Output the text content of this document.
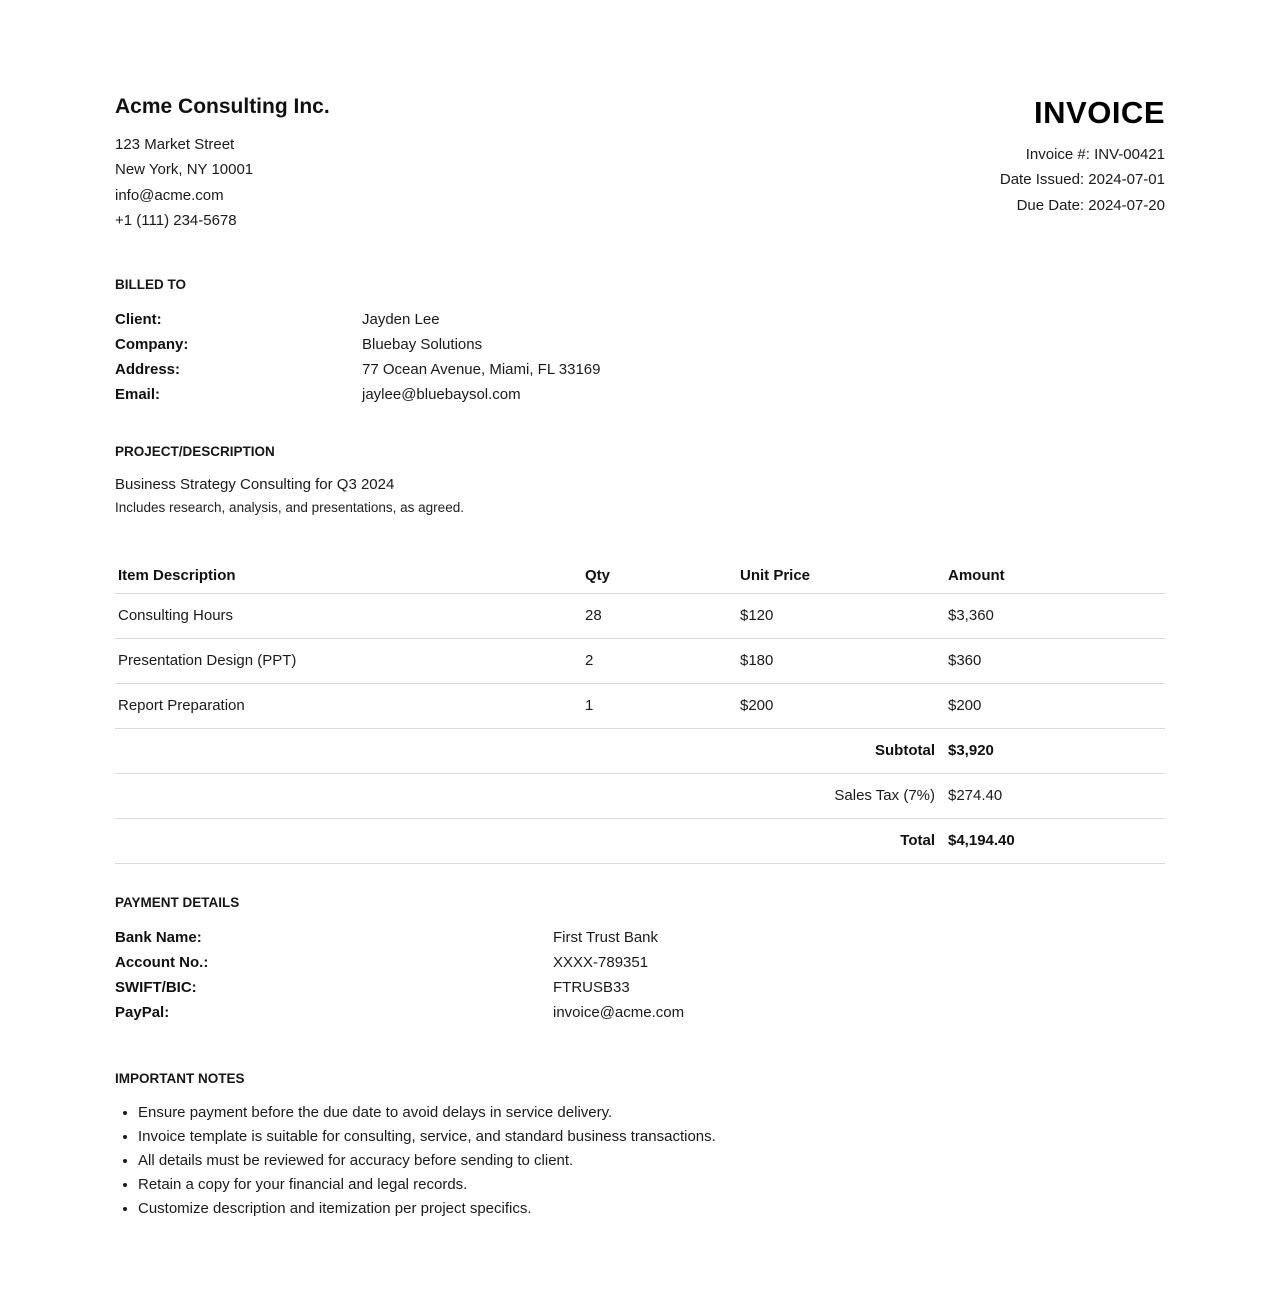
Acme Consulting Inc.
123 Market Street
New York, NY 10001
info@acme.com
+1 (111) 234-5678
INVOICE
Invoice #: INV-00421
Date Issued: 2024-07-01
Due Date: 2024-07-20
BILLED TO
Client:	Jayden Lee
Company:	Bluebay Solutions
Address:	77 Ocean Avenue, Miami, FL 33169
Email:	jaylee@bluebaysol.com
PROJECT/DESCRIPTION
Business Strategy Consulting for Q3 2024
Includes research, analysis, and presentations, as agreed.
Item Description	Qty	Unit Price	Amount
Consulting Hours	28	$120	$3,360
Presentation Design (PPT)	2	$180	$360
Report Preparation	1	$200	$200
Subtotal $3,920
Sales Tax (7%) $274.40
Total $4,194.40
PAYMENT DETAILS
Bank Name:	First Trust Bank
Account No.:	XXXX-789351
SWIFT/BIC:	FTRUSB33
PayPal:	invoice@acme.com
IMPORTANT NOTES
• Ensure payment before the due date to avoid delays in service delivery.
• Invoice template is suitable for consulting, service, and standard business transactions.
• All details must be reviewed for accuracy before sending to client.
• Retain a copy for your financial and legal records.
• Customize description and itemization per project specifics.
